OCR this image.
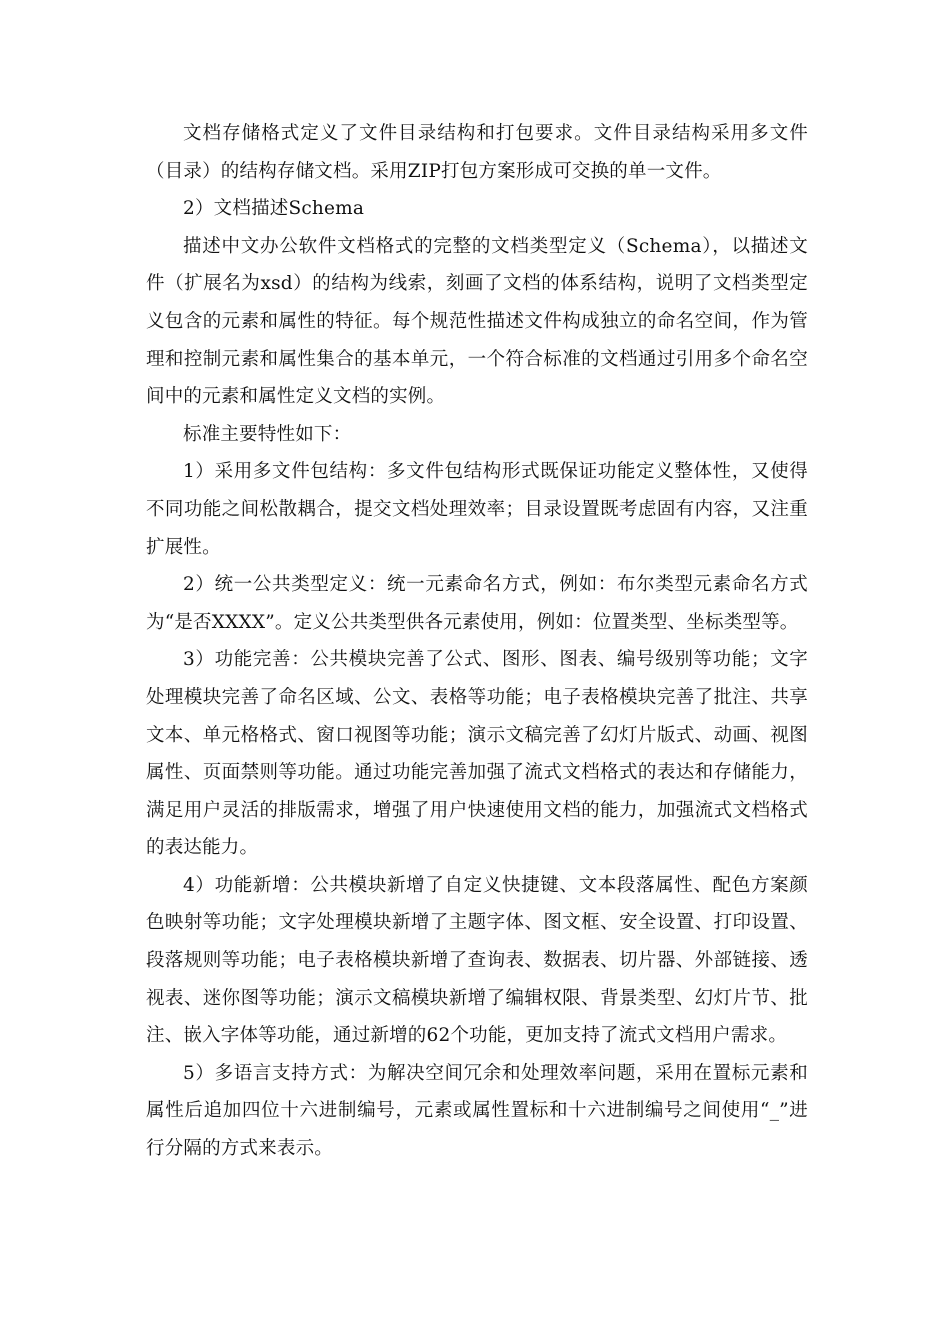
文档存储格式定义了文件目录结构和打包要求。文件目录结构采用多文件（目录）的结构存储文档。采用ZIP打包方案形成可交换的单一文件。

2）文档描述Schema

描述中文办公软件文档格式的完整的文档类型定义（Schema），以描述文件（扩展名为xsd）的结构为线索，刻画了文档的体系结构，说明了文档类型定义包含的元素和属性的特征。每个规范性描述文件构成独立的命名空间，作为管理和控制元素和属性集合的基本单元，一个符合标准的文档通过引用多个命名空间中的元素和属性定义文档的实例。

标准主要特性如下：

1）采用多文件包结构：多文件包结构形式既保证功能定义整体性，又使得不同功能之间松散耦合，提交文档处理效率；目录设置既考虑固有内容，又注重扩展性。

2）统一公共类型定义：统一元素命名方式，例如：布尔类型元素命名方式为“是否XXXX”。定义公共类型供各元素使用，例如：位置类型、坐标类型等。

3）功能完善：公共模块完善了公式、图形、图表、编号级别等功能；文字处理模块完善了命名区域、公文、表格等功能；电子表格模块完善了批注、共享文本、单元格格式、窗口视图等功能；演示文稿完善了幻灯片版式、动画、视图属性、页面禁则等功能。通过功能完善加强了流式文档格式的表达和存储能力，满足用户灵活的排版需求，增强了用户快速使用文档的能力，加强流式文档格式的表达能力。

4）功能新增：公共模块新增了自定义快捷键、文本段落属性、配色方案颜色映射等功能；文字处理模块新增了主题字体、图文框、安全设置、打印设置、段落规则等功能；电子表格模块新增了查询表、数据表、切片器、外部链接、透视表、迷你图等功能；演示文稿模块新增了编辑权限、背景类型、幻灯片节、批注、嵌入字体等功能，通过新增的62个功能，更加支持了流式文档用户需求。

5）多语言支持方式：为解决空间冗余和处理效率问题，采用在置标元素和属性后追加四位十六进制编号，元素或属性置标和十六进制编号之间使用“_”进行分隔的方式来表示。
